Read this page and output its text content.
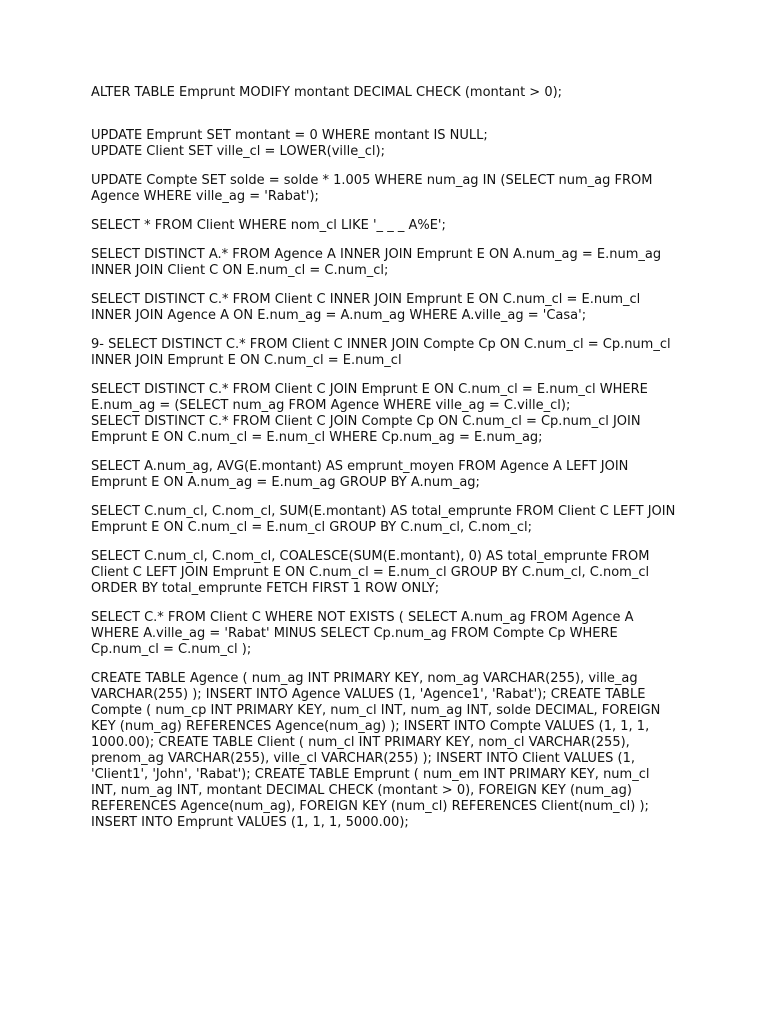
ALTER TABLE Emprunt MODIFY montant DECIMAL CHECK (montant > 0);

UPDATE Emprunt SET montant = 0 WHERE montant IS NULL;
UPDATE Client SET ville_cl = LOWER(ville_cl);

UPDATE Compte SET solde = solde * 1.005 WHERE num_ag IN (SELECT num_ag FROM
Agence WHERE ville_ag = 'Rabat');

SELECT * FROM Client WHERE nom_cl LIKE '_ _ _ A%E';

SELECT DISTINCT A.* FROM Agence A INNER JOIN Emprunt E ON A.num_ag = E.num_ag
INNER JOIN Client C ON E.num_cl = C.num_cl;

SELECT DISTINCT C.* FROM Client C INNER JOIN Emprunt E ON C.num_cl = E.num_cl
INNER JOIN Agence A ON E.num_ag = A.num_ag WHERE A.ville_ag = 'Casa';

9- SELECT DISTINCT C.* FROM Client C INNER JOIN Compte Cp ON C.num_cl = Cp.num_cl
INNER JOIN Emprunt E ON C.num_cl = E.num_cl

SELECT DISTINCT C.* FROM Client C JOIN Emprunt E ON C.num_cl = E.num_cl WHERE
E.num_ag = (SELECT num_ag FROM Agence WHERE ville_ag = C.ville_cl);
SELECT DISTINCT C.* FROM Client C JOIN Compte Cp ON C.num_cl = Cp.num_cl JOIN
Emprunt E ON C.num_cl = E.num_cl WHERE Cp.num_ag = E.num_ag;

SELECT A.num_ag, AVG(E.montant) AS emprunt_moyen FROM Agence A LEFT JOIN
Emprunt E ON A.num_ag = E.num_ag GROUP BY A.num_ag;

SELECT C.num_cl, C.nom_cl, SUM(E.montant) AS total_emprunte FROM Client C LEFT JOIN
Emprunt E ON C.num_cl = E.num_cl GROUP BY C.num_cl, C.nom_cl;

SELECT C.num_cl, C.nom_cl, COALESCE(SUM(E.montant), 0) AS total_emprunte FROM
Client C LEFT JOIN Emprunt E ON C.num_cl = E.num_cl GROUP BY C.num_cl, C.nom_cl
ORDER BY total_emprunte FETCH FIRST 1 ROW ONLY;

SELECT C.* FROM Client C WHERE NOT EXISTS ( SELECT A.num_ag FROM Agence A
WHERE A.ville_ag = 'Rabat' MINUS SELECT Cp.num_ag FROM Compte Cp WHERE
Cp.num_cl = C.num_cl );

CREATE TABLE Agence ( num_ag INT PRIMARY KEY, nom_ag VARCHAR(255), ville_ag
VARCHAR(255) ); INSERT INTO Agence VALUES (1, 'Agence1', 'Rabat'); CREATE TABLE
Compte ( num_cp INT PRIMARY KEY, num_cl INT, num_ag INT, solde DECIMAL, FOREIGN
KEY (num_ag) REFERENCES Agence(num_ag) ); INSERT INTO Compte VALUES (1, 1, 1,
1000.00); CREATE TABLE Client ( num_cl INT PRIMARY KEY, nom_cl VARCHAR(255),
prenom_ag VARCHAR(255), ville_cl VARCHAR(255) ); INSERT INTO Client VALUES (1,
'Client1', 'John', 'Rabat'); CREATE TABLE Emprunt ( num_em INT PRIMARY KEY, num_cl
INT, num_ag INT, montant DECIMAL CHECK (montant > 0), FOREIGN KEY (num_ag)
REFERENCES Agence(num_ag), FOREIGN KEY (num_cl) REFERENCES Client(num_cl) );
INSERT INTO Emprunt VALUES (1, 1, 1, 5000.00);
